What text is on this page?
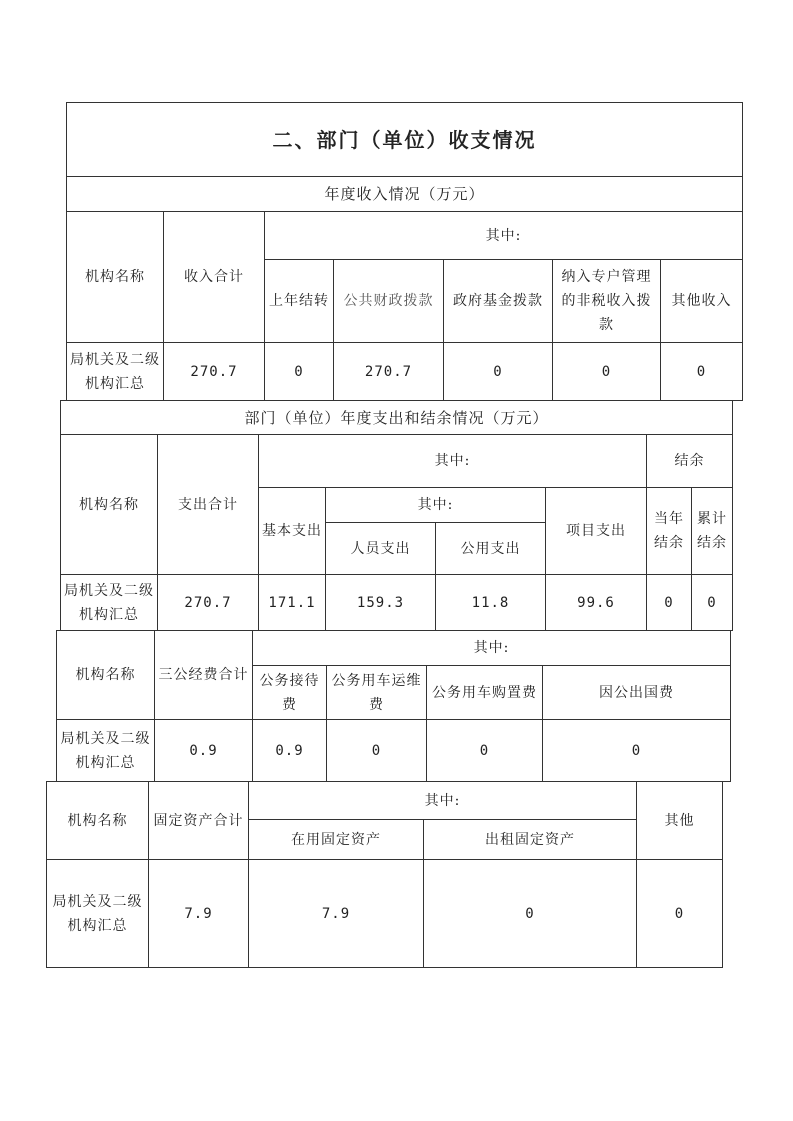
二、部门（单位）收支情况						
年度收入情况（万元）						
机构名称	收入合计	其中:				
		上年结转	公共财政拨款	政府基金拨款	纳入专户管理的非税收入拨款	其他收入
局机关及二级机构汇总	270.7	0	270.7	0	0	0
部门（单位）年度支出和结余情况（万元）							
机构名称	支出合计	其中:				结余	
		基本支出	其中:		项目支出	当年结余	累计结余
			人员支出	公用支出			
局机关及二级机构汇总	270.7	171.1	159.3	11.8	99.6	0	0
机构名称	三公经费合计	其中:			
		公务接待费	公务用车运维费	公务用车购置费	因公出国费
局机关及二级机构汇总	0.9	0.9	0	0	0
机构名称	固定资产合计	其中:		其他
		在用固定资产	出租固定资产	
局机关及二级机构汇总	7.9	7.9	0	0
